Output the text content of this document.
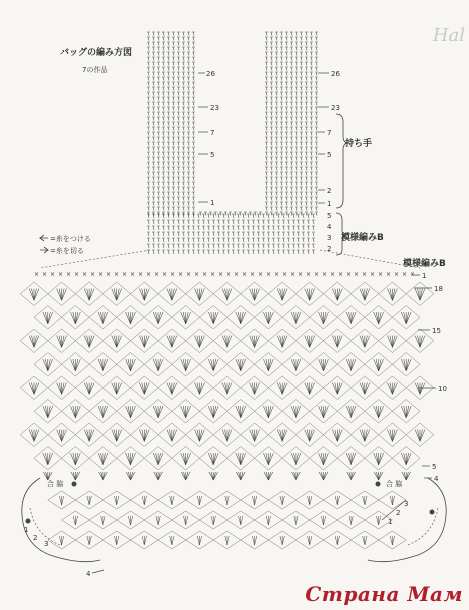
バッグの編み方図
7の作品	26
23
7
5
1
26
23
7
5
2
1
持ち手
5
4
3
2
模様編みB
=糸をつける
=糸を切る
× × × × × × × × × × × × × × × × × × × × × × × × × × × × × × × × × × × × × × × × × × × × × × × ×
模様編みB
1
18
15
10
5
4
合 脇
1
2
3
4
合 脇
3
2
1
Hal
Страна Мам
